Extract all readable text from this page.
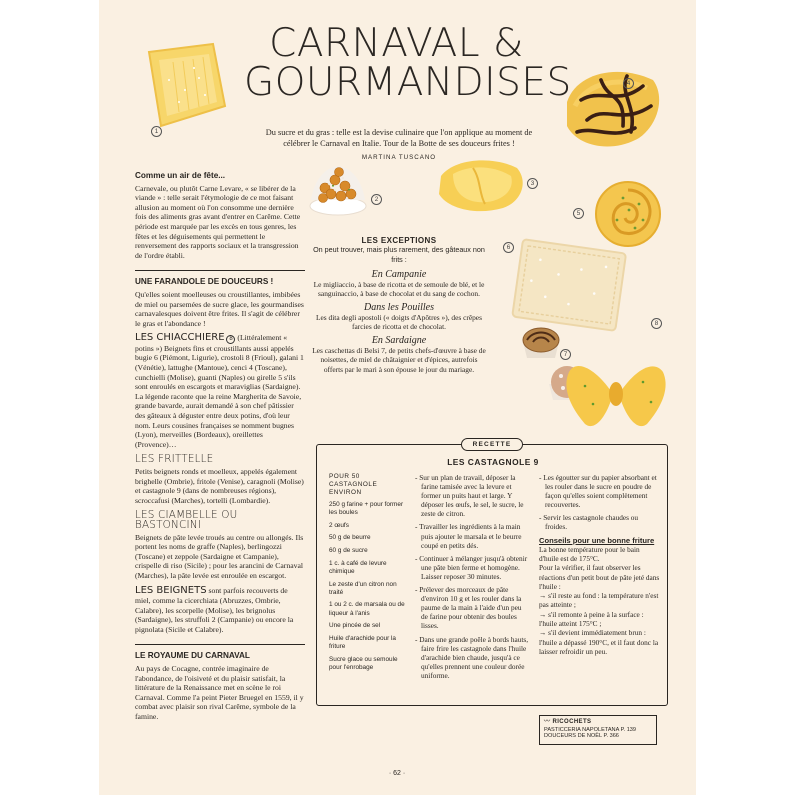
1
4
2
3
5
6
7
8
CARNAVAL &
GOURMANDISES
Du sucre et du gras : telle est la devise culinaire que l'on applique au moment de célébrer le Carnaval en Italie. Tour de la Botte de ses douceurs frites !
MARTINA TUSCANO
Comme un air de fête...

Carnevale, ou plutôt Carne Levare, « se libérer de la viande » : telle serait l'étymologie de ce mot faisant allusion au moment où l'on consomme une dernière fois des aliments gras avant d'entrer en Carême. Cette période est marquée par les excès en tous genres, les fêtes et les déguisements qui permettent le renversement des rapports sociaux et la transgression de l'ordre établi.

UNE FARANDOLE DE DOUCEURS !

Qu'elles soient moelleuses ou croustillantes, imbibées de miel ou parsemées de sucre glace, les gourmandises carnavalesques doivent être frites. Il s'agit de célébrer le gras et l'abondance !

LES CHIACCHIERE 8 (Littéralement « potins ») Beignets fins et croustillants aussi appelés bugie 6 (Piémont, Ligurie), crostoli 8 (Frioul), galani 1 (Vénétie), lattughe (Mantoue), cenci 4 (Toscane), cunchielli (Molise), guanti (Naples) ou girelle 5 s'ils sont enroulés en escargots et maraviglias (Sardaigne). La légende raconte que la reine Margherita de Savoie, grande bavarde, aurait demandé à son chef pâtissier des gâteaux à déguster entre deux potins, d'où leur nom. Leurs cousines françaises se nomment bugnes (Lyon), merveilles (Bordeaux), oreillettes (Provence)…

LES FRITTELLE

Petits beignets ronds et moelleux, appelés également brighelle (Ombrie), fritole (Venise), caragnoli (Molise) et castagnole 9 (dans de nombreuses régions), scroccafusi (Marches), tortelli (Lombardie).

LES CIAMBELLE OU BASTONCINI

Beignets de pâte levée troués au centre ou allongés. Ils portent les noms de graffe (Naples), berlingozzi (Toscane) et zeppole (Sardaigne et Campanie), crispelle di riso (Sicile) ; pour les arancini de Carnaval (Marches), la pâte levée est enroulée en escargot.

LES BEIGNETS sont parfois recouverts de miel, comme la cicerchiata (Abruzzes, Ombrie, Calabre), les scorpelle (Molise), les brignolus (Sardaigne), les struffoli 2 (Campanie) ou encore la pignolata (Sicile et Calabre).

LE ROYAUME DU CARNAVAL

Au pays de Cocagne, contrée imaginaire de l'abondance, de l'oisiveté et du plaisir satisfait, la littérature de la Renaissance met en scène le roi Carnaval. Comme l'a peint Pieter Bruegel en 1559, il y combat avec plaisir son rival Carême, symbole de la famine.

LES EXCEPTIONS
On peut trouver, mais plus rarement, des gâteaux non frits :
En Campanie
Le migliaccio, à base de ricotta et de semoule de blé, et le sanguinaccio, à base de chocolat et du sang de cochon.
Dans les Pouilles
Les dita degli apostoli (« doigts d'Apôtres »), des crêpes farcies de ricotta et de chocolat.
En Sardaigne
Les caschettas di Belsi 7, de petits chefs-d'œuvre à base de noisettes, de miel de châtaignier et d'épices, autrefois offerts par le mari à son épouse le jour du mariage.
RECETTE
LES CASTAGNOLE 9
POUR 50 CASTAGNOLE ENVIRON
250 g farine + pour former les boules
2 œufs
50 g de beurre
60 g de sucre
1 c. à café de levure chimique
Le zeste d'un citron non traité
1 ou 2 c. de marsala ou de liqueur à l'anis
Une pincée de sel
Huile d'arachide pour la friture
Sucre glace ou semoule pour l'enrobage
- Sur un plan de travail, déposer la farine tamisée avec la levure et former un puits haut et large. Y déposer les œufs, le sel, le sucre, le zeste de citron.
- Travailler les ingrédients à la main puis ajouter le marsala et le beurre coupé en petits dés.
- Continuer à mélanger jusqu'à obtenir une pâte bien ferme et homogène. Laisser reposer 30 minutes.
- Prélever des morceaux de pâte d'environ 10 g et les rouler dans la paume de la main à l'aide d'un peu de farine pour obtenir des boules lisses.
- Dans une grande poêle à bords hauts, faire frire les castagnole dans l'huile d'arachide bien chaude, jusqu'à ce qu'elles prennent une couleur dorée uniforme.
- Les égoutter sur du papier absorbant et les rouler dans le sucre en poudre de façon qu'elles soient complètement recouvertes.
- Servir les castagnole chaudes ou froides.
Conseils pour une bonne friture
La bonne température pour le bain d'huile est de 175°C.
Pour la vérifier, il faut observer les réactions d'un petit bout de pâte jeté dans l'huile :
→ s'il reste au fond : la température n'est pas atteinte ;
→ s'il remonte à peine à la surface : l'huile atteint 175°C ;
→ s'il devient immédiatement brun : l'huile a dépassé 190°C, et il faut donc la laisser refroidir un peu.
〰 RICOCHETS
PASTICCERIA NAPOLETANA P. 139
DOUCEURS DE NOËL P. 366
· 62 ·
